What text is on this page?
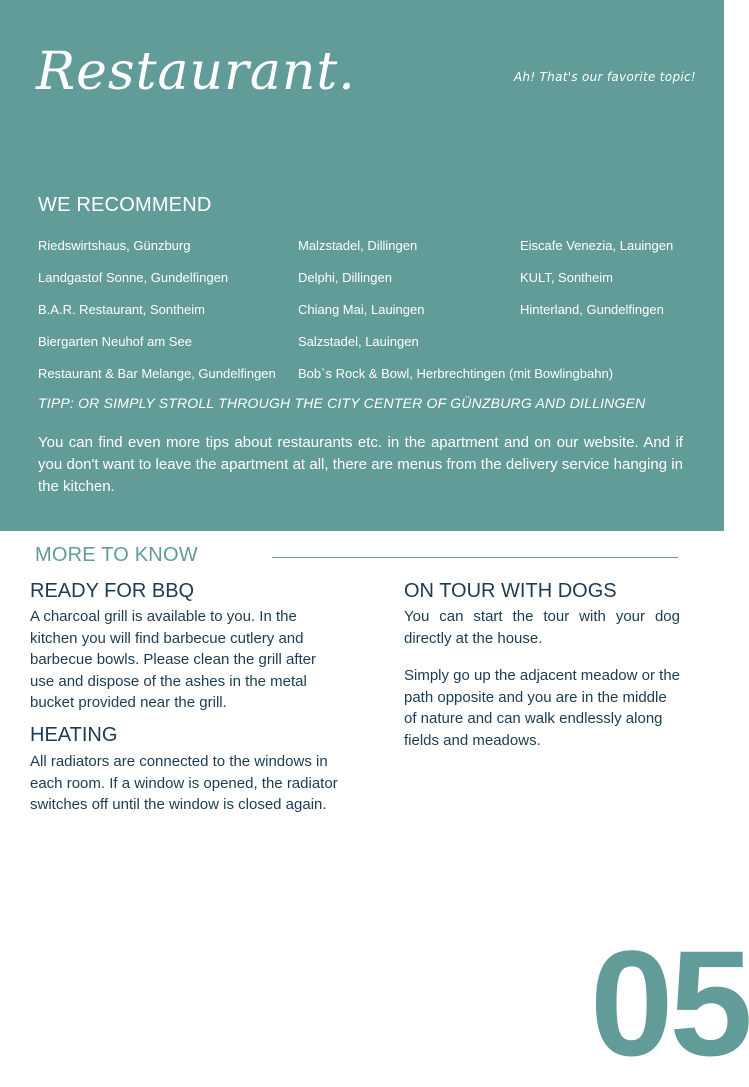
Restaurant.	Ah! That's our favorite topic!
WE RECOMMEND
Riedswirtshaus, Günzburg
Landgastof Sonne, Gundelfingen
B.A.R. Restaurant, Sontheim
Biergarten Neuhof am See
Restaurant & Bar Melange, Gundelfingen
Malzstadel, Dillingen
Delphi, Dillingen
Chiang Mai, Lauingen
Salzstadel, Lauingen
Bob`s Rock & Bowl, Herbrechtingen (mit Bowlingbahn)
Eiscafe Venezia, Lauingen
KULT, Sontheim
Hinterland, Gundelfingen
TIPP: OR SIMPLY STROLL THROUGH THE CITY CENTER OF GÜNZBURG AND DILLINGEN

You can find even more tips about restaurants etc. in the apartment and on our website. And if you don't want to leave the apartment at all, there are menus from the delivery service hanging in the kitchen.

MORE TO KNOW
READY FOR BBQ

A charcoal grill is available to you. In the kitchen you will find barbecue cutlery and barbecue bowls. Please clean the grill after use and dispose of the ashes in the metal bucket provided near the grill.

HEATING

All radiators are connected to the windows in each room. If a window is opened, the radiator switches off until the window is closed again.

ON TOUR WITH DOGS

You can start the tour with your dog directly at the house.

Simply go up the adjacent meadow or the path opposite and you are in the middle of nature and can walk endlessly along fields and meadows.

05
